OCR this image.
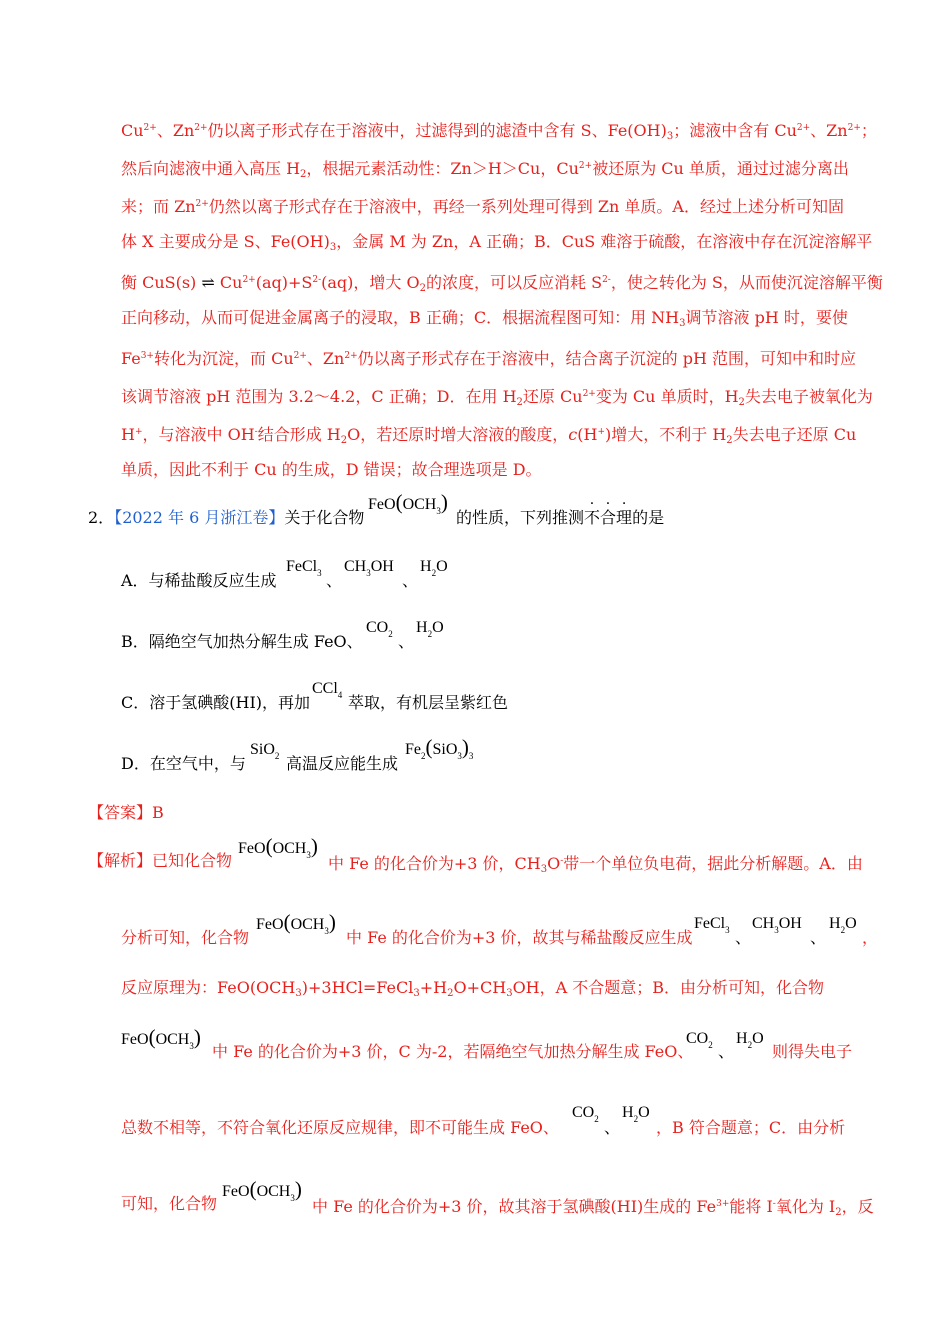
$Cu^{2+}$、$Zn^{2+}$仍以离子形式存在于溶液中，过滤得到的滤渣中含有 S、$Fe(OH)_3$；滤液中含有 $Cu^{2+}$、$Zn^{2+}$；
然后向滤液中通入高压 $H_2$，根据元素活动性：Zn＞H＞Cu，$Cu^{2+}$被还原为 Cu 单质，通过过滤分离出
来；而 $Zn^{2+}$仍然以离子形式存在于溶液中，再经一系列处理可得到 Zn 单质。A．经过上述分析可知固
体 X 主要成分是 S、$Fe(OH)_3$，金属 M 为 Zn，A 正确；B．CuS 难溶于硫酸，在溶液中存在沉淀溶解平
衡 CuS(s) ⇌ $Cu^{2+}(aq)+S^{2-}(aq)$，增大 $O_2$的浓度，可以反应消耗 $S^{2-}$，使之转化为 S，从而使沉淀溶解平衡
正向移动，从而可促进金属离子的浸取，B 正确；C．根据流程图可知：用 $NH_3$调节溶液 pH 时，要使
$Fe^{3+}$转化为沉淀，而 $Cu^{2+}$、$Zn^{2+}$仍以离子形式存在于溶液中，结合离子沉淀的 pH 范围，可知中和时应
该调节溶液 pH 范围为 3.2～4.2，C 正确；D．在用 $H_2$还原 $Cu^{2+}$变为 Cu 单质时，$H_2$失去电子被氧化为
H+，与溶液中 OH-结合形成 $H_2O$，若还原时增大溶液的酸度，c(H+)增大，不利于 $H_2$失去电子还原 Cu
单质，因此不利于 Cu 的生成，D 错误；故合理选项是 D。
2．【2022 年 6 月浙江卷】关于化合物
$FeO(OCH_3)$
的性质，下列推测不合理的是
A．与稀盐酸反应生成
FeCl$_3$ 、
$CH_3OH$
、
$H_2O$
B．隔绝空气加热分解生成 FeO、
$CO_2$ 、
$H_2O$
C．溶于氢碘酸(HI)，再加
CCl$_4$ 萃取，有机层呈紫红色
D．在空气中，与
SiO$_2$ 高温反应能生成
$Fe_2(SiO_3)_3$
【答案】B
【解析】已知化合物
$FeO(OCH_3)$
中 Fe 的化合价为+3 价，$CH_3O^-$带一个单位负电荷，据此分析解题。A．由
分析可知，化合物
$FeO(OCH_3)$
中 Fe 的化合价为+3 价，故其与稀盐酸反应生成
FeCl$_3$ 、
$CH_3OH$
、
$H_2O$
，
反应原理为：$FeO(OCH_3)+3HCl=FeCl_3+H_2O+CH_3OH$，A 不合题意；B．由分析可知，化合物
$FeO(OCH_3)$
中 Fe 的化合价为+3 价，C 为-2，若隔绝空气加热分解生成 FeO、
$CO_2$ 、
$H_2O$
则得失电子
总数不相等，不符合氧化还原反应规律，即不可能生成 FeO、
$CO_2$ 、
$H_2O$
，B 符合题意；C．由分析
可知，化合物
$FeO(OCH_3)$
中 Fe 的化合价为+3 价，故其溶于氢碘酸(HI)生成的 $Fe^{3+}$能将 I-氧化为 $I_2$，反
